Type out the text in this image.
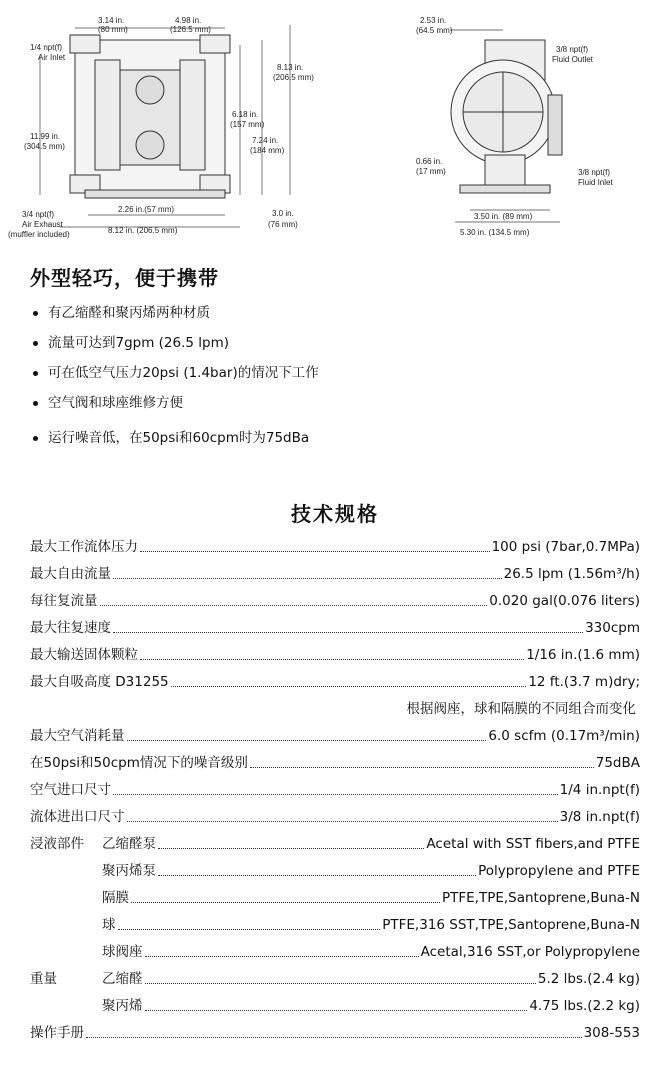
3.14 in.
(80 mm)
4.98 in.
(126.5 mm)
1/4 npt(f)
Air Inlet
8.13 in.
(206.5 mm)
6.18 in.
(157 mm)
7.24 in.
(184 mm)
11.99 in.
(304.5 mm)
3/4 npt(f)
Air Exhaust
(muffler included)
2.26 in.(57 mm)
8.12 in. (206.5 mm)
3.0 in.
(76 mm)
2.53 in.
(64.5 mm)
3/8 npt(f)
Fluid Outlet
0.66 in.
(17 mm)	3/8 npt(f)
Fluid Inlet
3.50 in. (89 mm)
5.30 in. (134.5 mm)
外型轻巧，便于携带
有乙缩醛和聚丙烯两种材质
流量可达到7gpm (26.5 lpm)
可在低空气压力20psi (1.4bar)的情况下工作
空气阀和球座维修方便
运行噪音低，在50psi和60cpm时为75dBa
技术规格
最大工作流体压力	100 psi (7bar,0.7MPa)
最大自由流量	26.5 lpm (1.56m³/h)
每往复流量	0.020 gal(0.076 liters)
最大往复速度	330cpm
最大输送固体颗粒	1/16 in.(1.6 mm)
最大自吸高度 D31255	12 ft.(3.7 m)dry;
根据阀座，球和隔膜的不同组合而变化
最大空气消耗量	6.0 scfm (0.17m³/min)
在50psi和50cpm情况下的噪音级别	75dBA
空气进口尺寸	1/4 in.npt(f)
流体进出口尺寸	3/8 in.npt(f)
浸液部件	乙缩醛泵	Acetal with SST fibers,and PTFE
聚丙烯泵	Polypropylene and PTFE
隔膜	PTFE,TPE,Santoprene,Buna-N
球	PTFE,316 SST,TPE,Santoprene,Buna-N
球阀座	Acetal,316 SST,or Polypropylene
重量	乙缩醛	5.2 lbs.(2.4 kg)
聚丙烯	4.75 lbs.(2.2 kg)
操作手册	308-553
